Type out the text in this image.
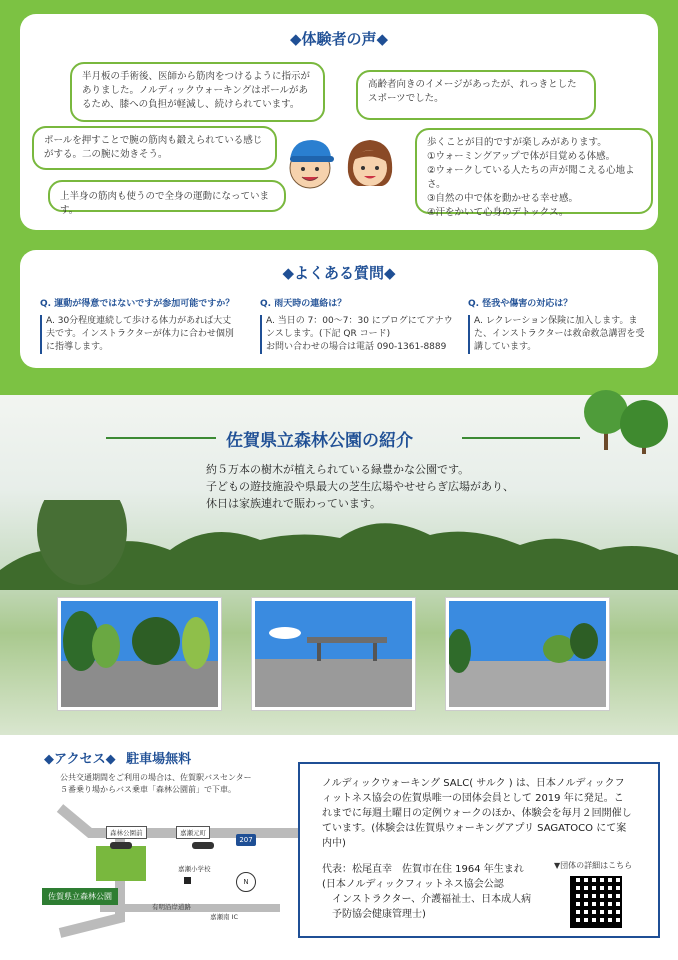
◆体験者の声◆
半月板の手術後、医師から筋肉をつけるように指示がありました。ノルディックウォーキングはポールがあるため、膝への負担が軽減し、続けられています。
ポールを押すことで腕の筋肉も鍛えられている感じがする。二の腕に効きそう。
上半身の筋肉も使うので全身の運動になっています。
高齢者向きのイメージがあったが、れっきとしたスポーツでした。
歩くことが目的ですが楽しみがあります。
①ウォーミングアップで体が目覚める体感。
②ウォークしている人たちの声が聞こえる心地よさ。
③自然の中で体を動かせる幸せ感。
④汗をかいて心身のデトックス。
◆よくある質問◆
Q. 運動が得意ではないですが参加可能ですか？
A. 30分程度連続して歩ける体力があれば大丈夫です。インストラクターが体力に合わせ個別に指導します。
Q. 雨天時の連絡は？
A. 当日の 7：00〜7：30 にブログにてアナウンスします。(下記 QR コード)
お問い合わせの場合は電話 090-1361-8889
Q. 怪我や傷害の対応は？
A. レクレーション保険に加入します。また、インストラクターは救命救急講習を受講しています。
佐賀県立森林公園の紹介
約５万本の樹木が植えられている緑豊かな公園です。
子どもの遊技施設や県最大の芝生広場やせせらぎ広場があり、
休日は家族連れで賑わっています。
◆アクセス◆ 駐車場無料
公共交通期間をご利用の場合は、佐賀駅バスセンター
５番乗り場からバス乗車「森林公園前」で下車。
森林公園前	嘉瀬元町
207
嘉瀬小学校
有明沿岸道路
嘉瀬南 IC
佐賀県立森林公園
N
ノルディックウォーキング SALC( サルク ) は、日本ノルディックフィットネス協会の佐賀県唯一の団体会員として 2019 年に発足。これまでに毎週土曜日の定例ウォークのほか、体験会を毎月２回開催しています。(体験会は佐賀県ウォーキングアプリ SAGATOCO にて案内中)
代表：松尾直幸　佐賀市在住 1964 年生まれ
(日本ノルディックフィットネス協会公認
　インストラクター、介護福祉士、日本成人病
　予防協会健康管理士)
▼団体の詳細はこちら
